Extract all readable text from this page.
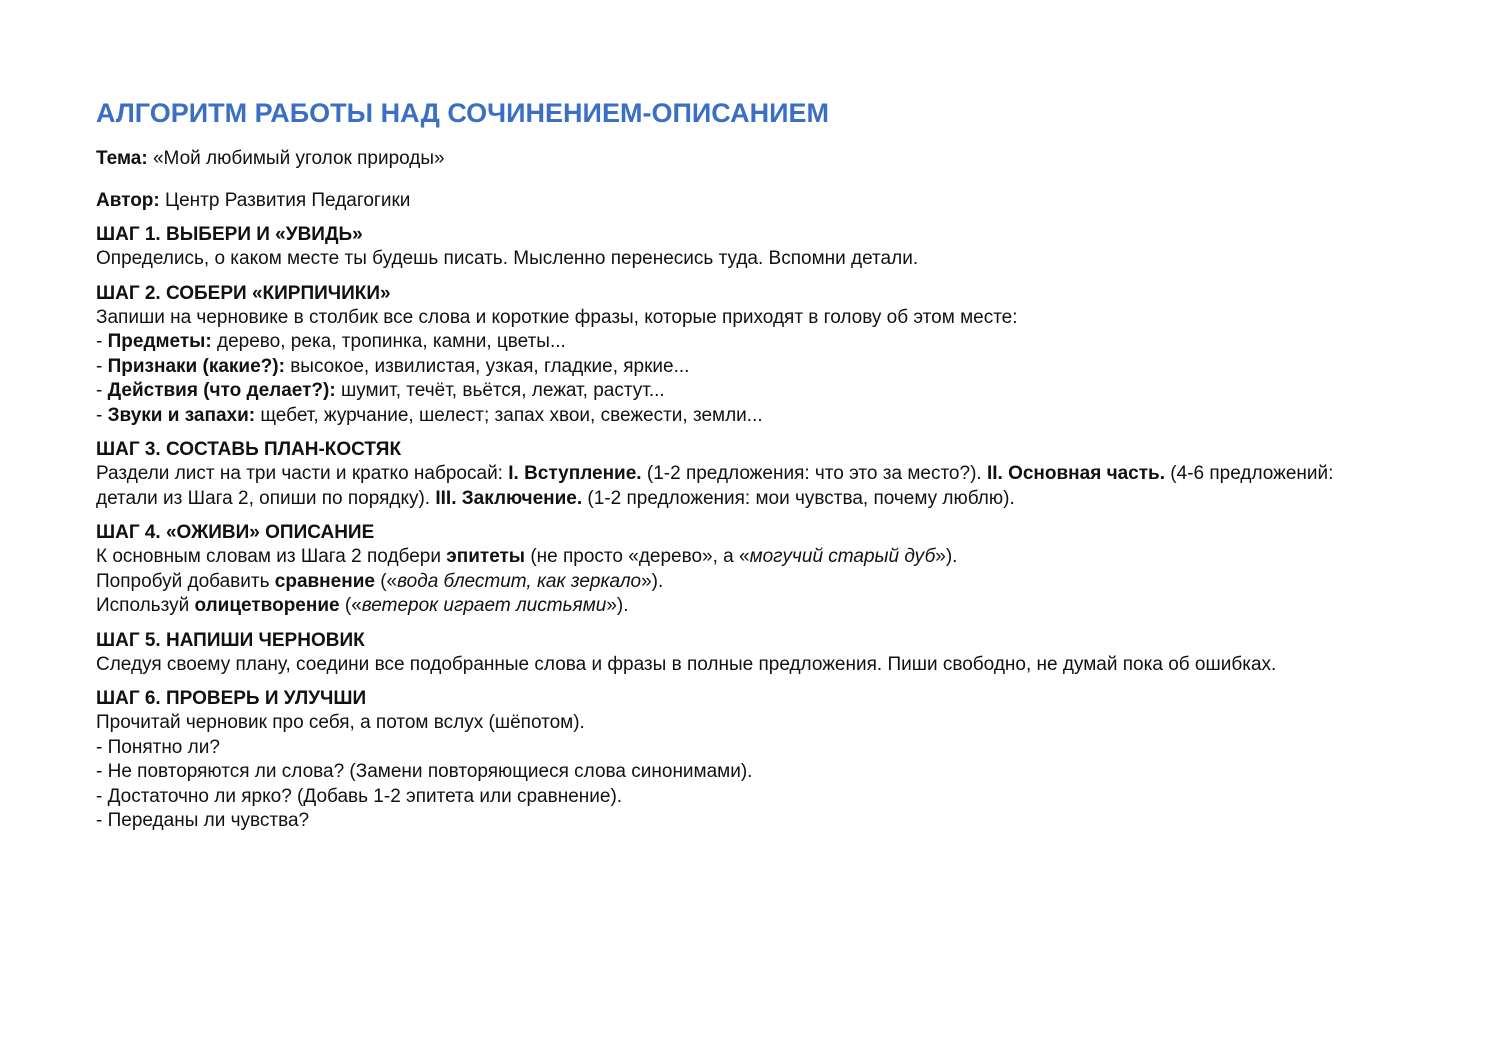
АЛГОРИТМ РАБОТЫ НАД СОЧИНЕНИЕМ-ОПИСАНИЕМ

Тема: «Мой любимый уголок природы»

Автор: Центр Развития Педагогики

ШАГ 1. ВЫБЕРИ И «УВИДЬ»

Определись, о каком месте ты будешь писать. Мысленно перенесись туда. Вспомни детали.

ШАГ 2. СОБЕРИ «КИРПИЧИКИ»

Запиши на черновике в столбик все слова и короткие фразы, которые приходят в голову об этом месте:

- Предметы: дерево, река, тропинка, камни, цветы...

- Признаки (какие?): высокое, извилистая, узкая, гладкие, яркие...

- Действия (что делает?): шумит, течёт, вьётся, лежат, растут...

- Звуки и запахи: щебет, журчание, шелест; запах хвои, свежести, земли...

ШАГ 3. СОСТАВЬ ПЛАН-КОСТЯК

Раздели лист на три части и кратко набросай: I. Вступление. (1-2 предложения: что это за место?). II. Основная часть. (4-6 предложений: детали из Шага 2, опиши по порядку). III. Заключение. (1-2 предложения: мои чувства, почему люблю).

ШАГ 4. «ОЖИВИ» ОПИСАНИЕ

К основным словам из Шага 2 подбери эпитеты (не просто «дерево», а «могучий старый дуб»).

Попробуй добавить сравнение («вода блестит, как зеркало»).

Используй олицетворение («ветерок играет листьями»).

ШАГ 5. НАПИШИ ЧЕРНОВИК

Следуя своему плану, соедини все подобранные слова и фразы в полные предложения. Пиши свободно, не думай пока об ошибках.

ШАГ 6. ПРОВЕРЬ И УЛУЧШИ

Прочитай черновик про себя, а потом вслух (шёпотом).

- Понятно ли?

- Не повторяются ли слова? (Замени повторяющиеся слова синонимами).

- Достаточно ли ярко? (Добавь 1-2 эпитета или сравнение).

- Переданы ли чувства?
